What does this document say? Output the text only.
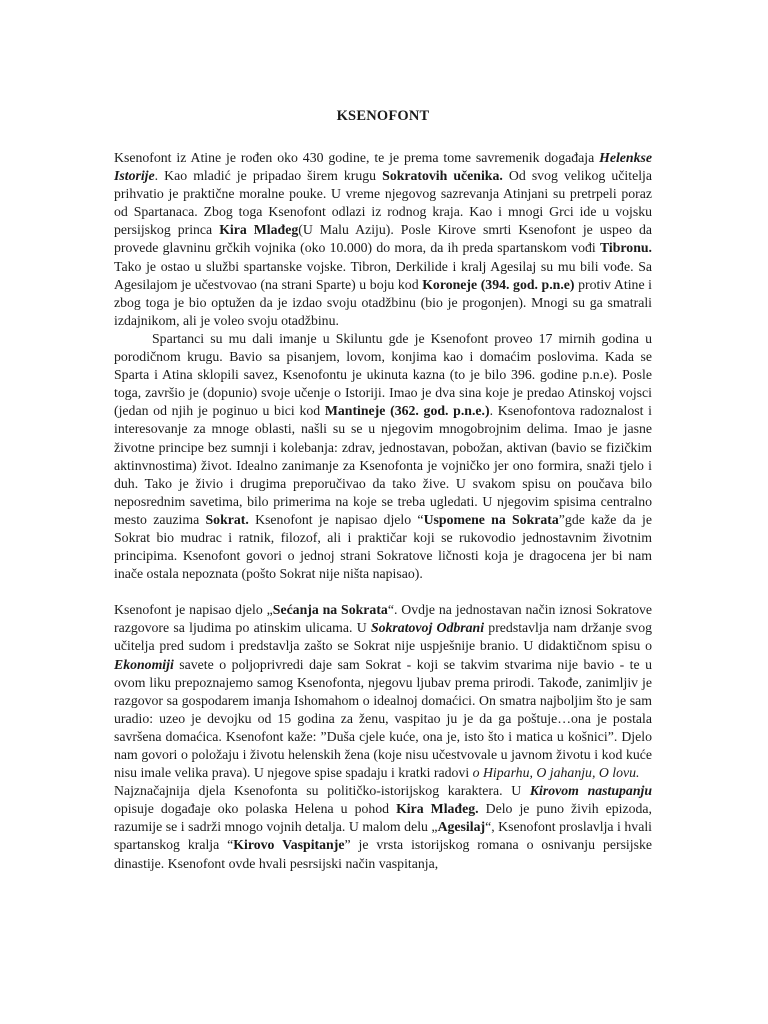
KSENOFONT

Ksenofont iz Atine je rođen oko 430 godine, te je prema tome savremenik događaja Helenkse Istorije. Kao mladić je pripadao širem krugu Sokratovih učenika. Od svog velikog učitelja prihvatio je praktične moralne pouke. U vreme njegovog sazrevanja Atinjani su pretrpeli poraz od Spartanaca. Zbog toga Ksenofont odlazi iz rodnog kraja. Kao i mnogi Grci ide u vojsku persijskog princa Kira Mlađeg(U Malu Aziju). Posle Kirove smrti Ksenofont je uspeo da provede glavninu grčkih vojnika (oko 10.000) do mora, da ih preda spartanskom vođi Tibronu. Tako je ostao u službi spartanske vojske. Tibron, Derkilide i kralj Agesilaj su mu bili vođe. Sa Agesilajom je učestvovao (na strani Sparte) u boju kod Koroneje (394. god. p.n.e) protiv Atine i zbog toga je bio optužen da je izdao svoju otadžbinu (bio je progonjen). Mnogi su ga smatrali izdajnikom, ali je voleo svoju otadžbinu.

Spartanci su mu dali imanje u Skiluntu gde je Ksenofont proveo 17 mirnih godina u porodičnom krugu. Bavio sa pisanjem, lovom, konjima kao i domaćim poslovima. Kada se Sparta i Atina sklopili savez, Ksenofontu je ukinuta kazna (to je bilo 396. godine p.n.e). Posle toga, završio je (dopunio) svoje učenje o Istoriji. Imao je dva sina koje je predao Atinskoj vojsci (jedan od njih je poginuo u bici kod Mantineje (362. god. p.n.e.). Ksenofontova radoznalost i interesovanje za mnoge oblasti, našli su se u njegovim mnogobrojnim delima. Imao je jasne životne principe bez sumnji i kolebanja: zdrav, jednostavan, pobožan, aktivan (bavio se fizičkim aktinvnostima) život. Idealno zanimanje za Ksenofonta je vojničko jer ono formira, snaži tjelo i duh. Tako je živio i drugima preporučivao da tako žive. U svakom spisu on poučava bilo neposrednim savetima, bilo primerima na koje se treba ugledati. U njegovim spisima centralno mesto zauzima Sokrat. Ksenofont je napisao djelo “Uspomene na Sokrata”gde kaže da je Sokrat bio mudrac i ratnik, filozof, ali i praktičar koji se rukovodio jednostavnim životnim principima. Ksenofont govori o jednoj strani Sokratove ličnosti koja je dragocena jer bi nam inače ostala nepoznata (pošto Sokrat nije ništa napisao).

Ksenofont je napisao djelo „Sećanja na Sokrata“. Ovdje na jednostavan način iznosi Sokratove razgovore sa ljudima po atinskim ulicama. U Sokratovoj Odbrani predstavlja nam držanje svog učitelja pred sudom i predstavlja zašto se Sokrat nije uspješnije branio. U didaktičnom spisu o Ekonomiji savete o poljoprivredi daje sam Sokrat - koji se takvim stvarima nije bavio - te u ovom liku prepoznajemo samog Ksenofonta, njegovu ljubav prema prirodi. Takođe, zanimljiv je razgovor sa gospodarem imanja Ishomahom o idealnoj domaćici. On smatra najboljim što je sam uradio: uzeo je devojku od 15 godina za ženu, vaspitao ju je da ga poštuje…ona je postala savršena domaćica. Ksenofont kaže: ”Duša cjele kuće, ona je, isto što i matica u košnici”. Djelo nam govori o položaju i životu helenskih žena (koje nisu učestvovale u javnom životu i kod kuće nisu imale velika prava). U njegove spise spadaju i kratki radovi o Hiparhu, O jahanju, O lovu.

Najznačajnija djela Ksenofonta su političko-istorijskog karaktera. U Kirovom nastupanju opisuje događaje oko polaska Helena u pohod Kira Mlađeg. Delo je puno živih epizoda, razumije se i sadrži mnogo vojnih detalja. U malom delu „Agesilaj“, Ksenofont proslavlja i hvali spartanskog kralja “Kirovo Vaspitanje” je vrsta istorijskog romana o osnivanju persijske dinastije. Ksenofont ovde hvali pesrsijski način vaspitanja,
